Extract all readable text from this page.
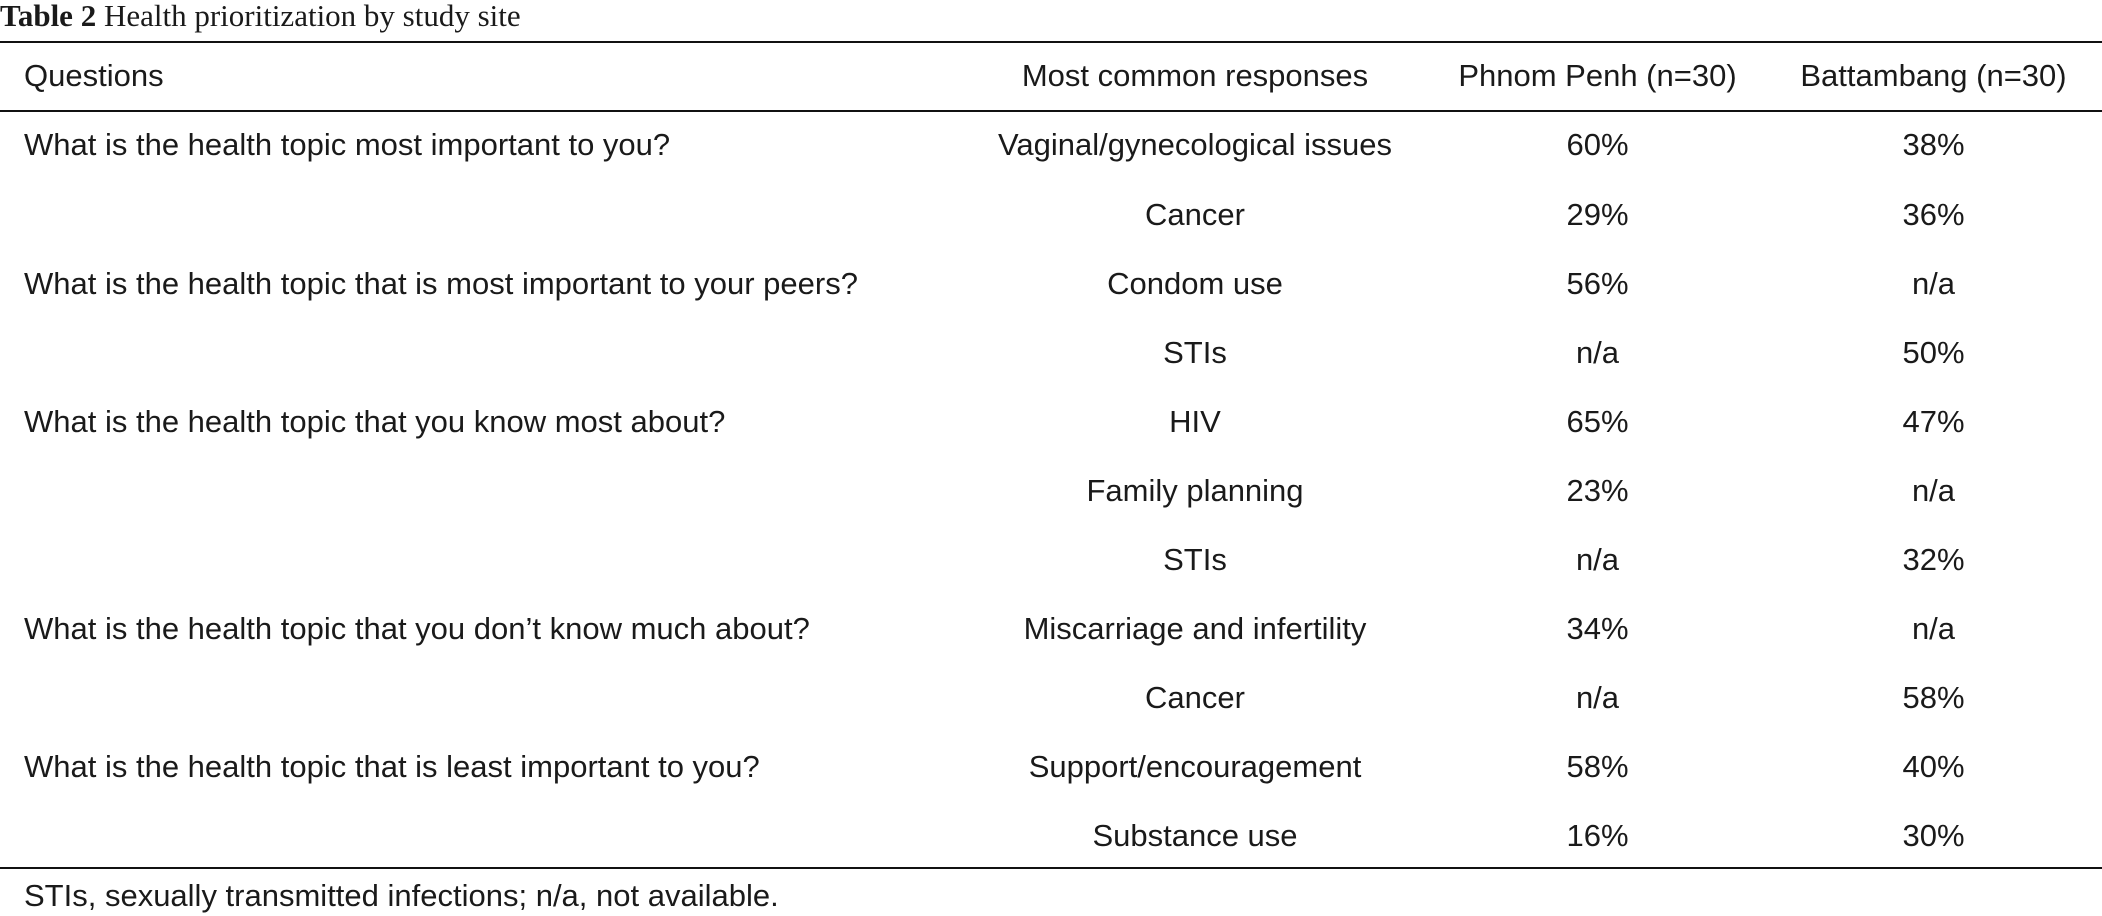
Table 2 Health prioritization by study site
Questions	Most common responses	Phnom Penh (n=30)	Battambang (n=30)
What is the health topic most important to you?	Vaginal/gynecological issues	60%	38%
	Cancer	29%	36%
What is the health topic that is most important to your peers?	Condom use	56%	n/a
	STIs	n/a	50%
What is the health topic that you know most about?	HIV	65%	47%
	Family planning	23%	n/a
	STIs	n/a	32%
What is the health topic that you don’t know much about?	Miscarriage and infertility	34%	n/a
	Cancer	n/a	58%
What is the health topic that is least important to you?	Support/encouragement	58%	40%
	Substance use	16%	30%
STIs, sexually transmitted infections; n/a, not available.
